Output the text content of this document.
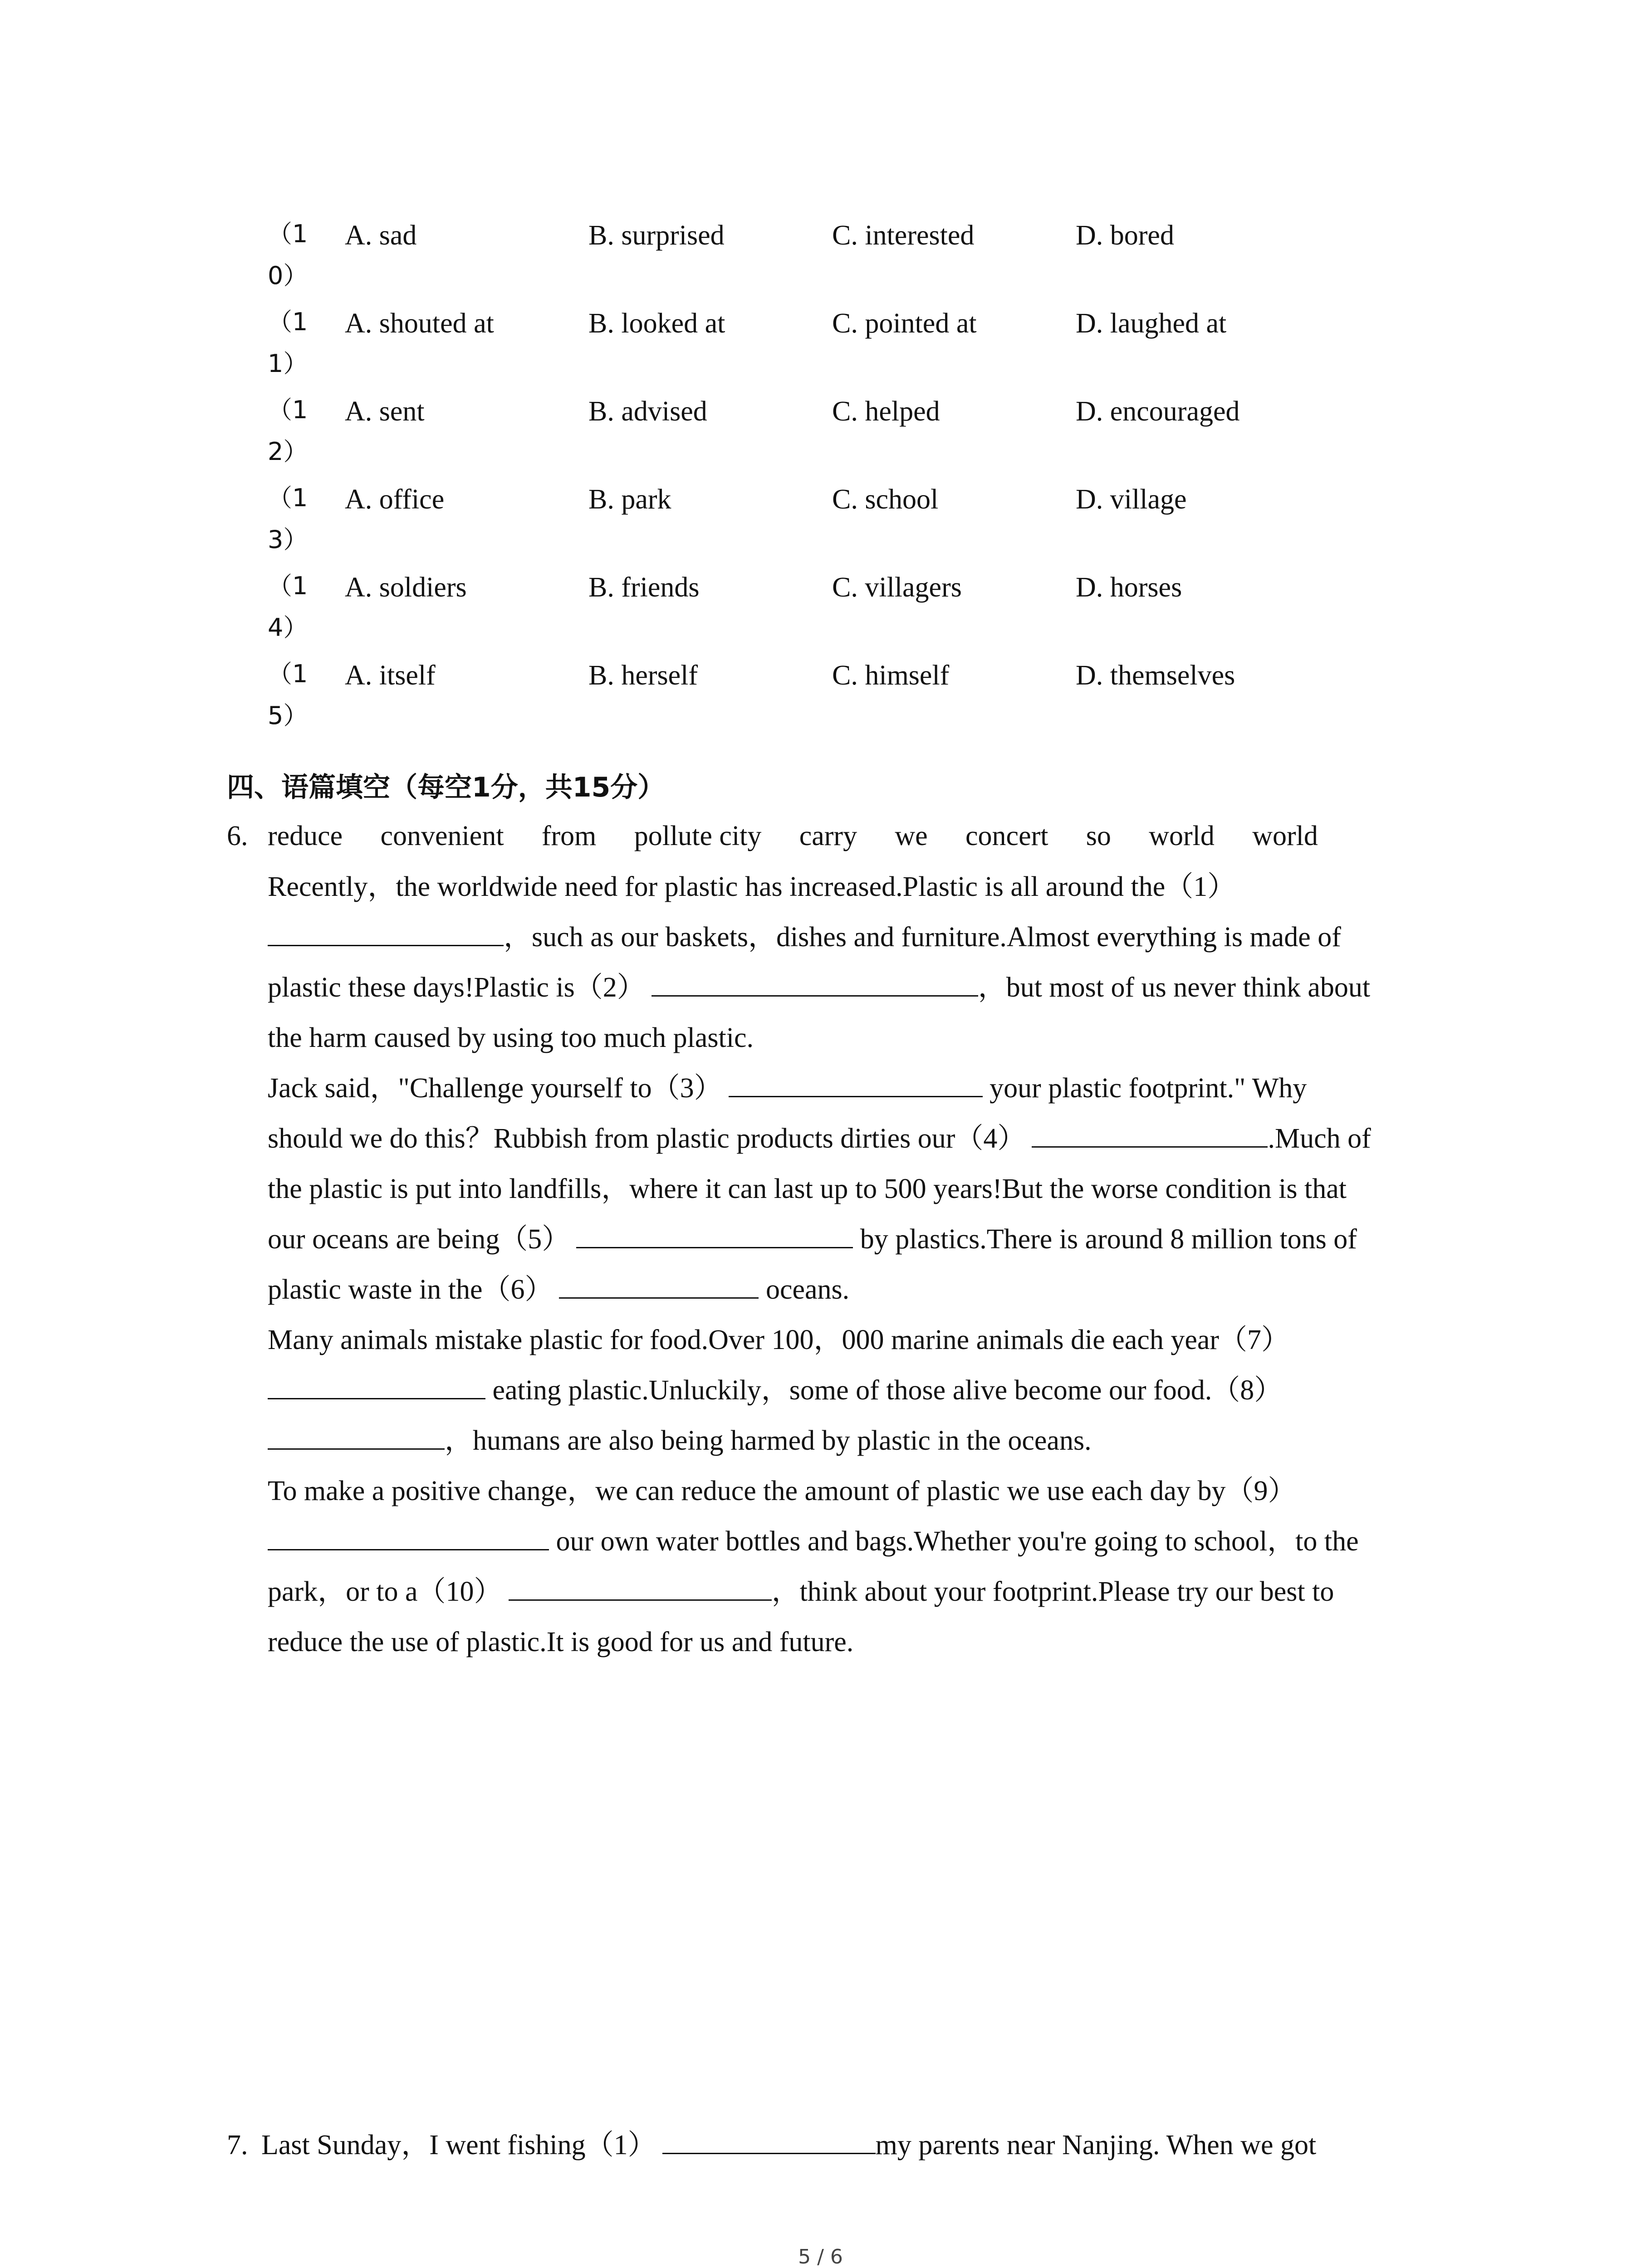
（1
0）
A. sad	B. surprised	C. interested	D. bored
（1
1）
A. shouted at	B. looked at	C. pointed at	D. laughed at
（1
2）
A. sent	B. advised	C. helped	D. encouraged
（1
3）
A. office	B. park	C. school	D. village
（1
4）
A. soldiers	B. friends	C. villagers	D. horses
（1
5）
A. itself	B. herself	C. himself	D. themselves
四、语篇填空（每空1分，共15分）
6. reduce convenient from pollute city carry we concert so world world
Recently，the worldwide need for plastic has increased.Plastic is all around the（1）
，such as our baskets，dishes and furniture.Almost everything is made of
plastic these days!Plastic is（2）	，but most of us never think about
the harm caused by using too much plastic.
Jack said，"Challenge yourself to（3）	your plastic footprint." Why
should we do this？Rubbish from plastic products dirties our（4）	.Much of
the plastic is put into landfills，where it can last up to 500 years!But the worse condition is that
our oceans are being（5）	by plastics.There is around 8 million tons of
plastic waste in the（6）	oceans.
Many animals mistake plastic for food.Over 100，000 marine animals die each year（7）
eating plastic.Unluckily，some of those alive become our food.（8）
，humans are also being harmed by plastic in the oceans.
To make a positive change，we can reduce the amount of plastic we use each day by（9）
our own water bottles and bags.Whether you're going to school，to the
park，or to a（10）	，think about your footprint.Please try our best to
reduce the use of plastic.It is good for us and future.
7. Last Sunday，I went fishing（1）	my parents near Nanjing. When we got
5 / 6
